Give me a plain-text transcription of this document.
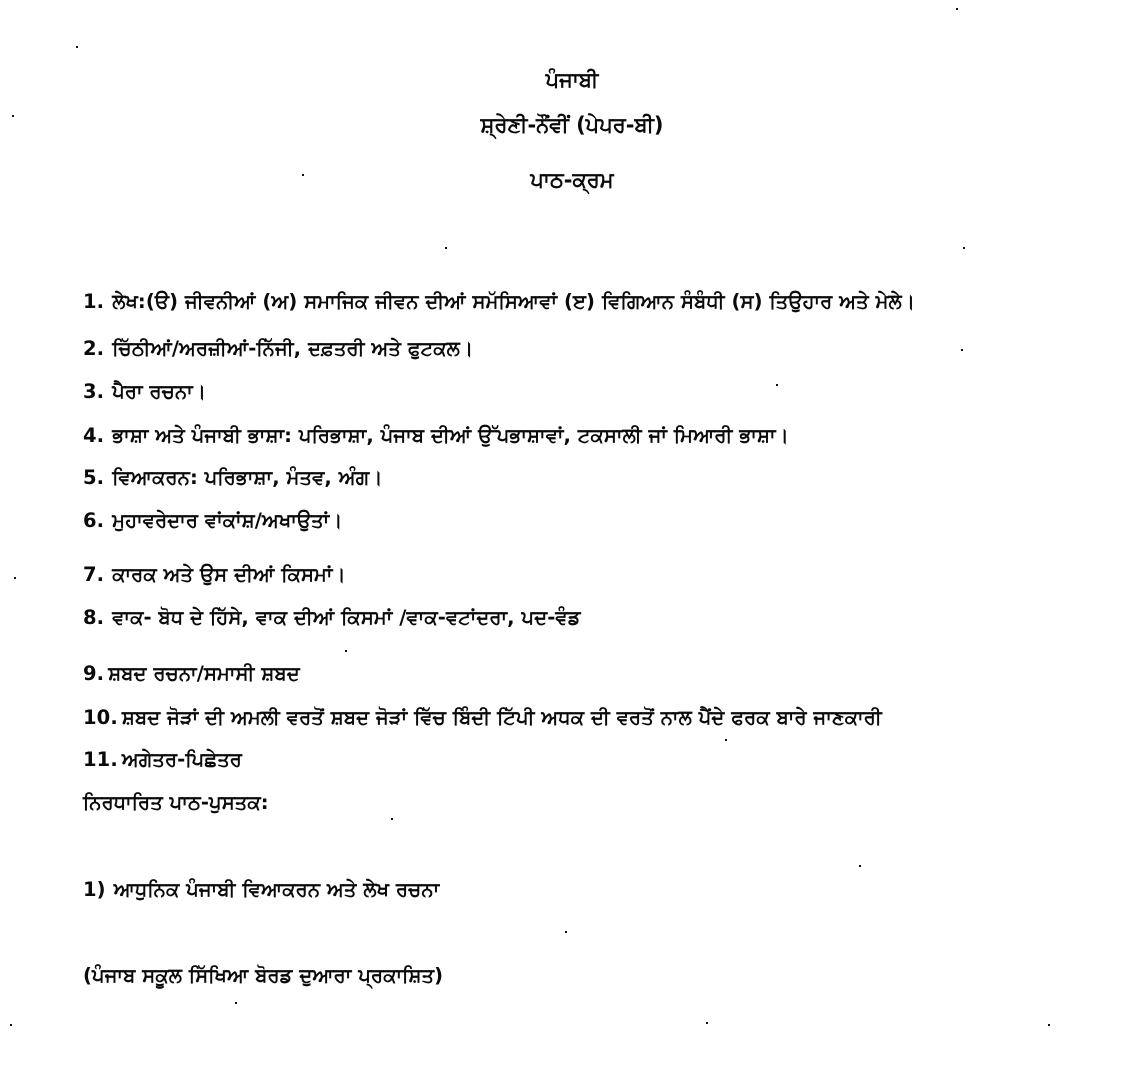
ਪੰਜਾਬੀ
ਸ਼੍ਰੇਣੀ-ਨੌਂਵੀਂ (ਪੇਪਰ-ਬੀ)
ਪਾਠ-ਕ੍ਰਮ
1. ਲੇਖ:(ੳ) ਜੀਵਨੀਆਂ (ਅ) ਸਮਾਜਿਕ ਜੀਵਨ ਦੀਆਂ ਸਮੱਸਿਆਵਾਂ (ੲ) ਵਿਗਿਆਨ ਸੰਬੰਧੀ (ਸ) ਤਿਉਹਾਰ ਅਤੇ ਮੇਲੇ।
2. ਚਿੱਠੀਆਂ/ਅਰਜ਼ੀਆਂ-ਨਿੱਜੀ, ਦਫ਼ਤਰੀ ਅਤੇ ਫੁਟਕਲ।
3. ਪੈਰਾ ਰਚਨਾ।
4. ਭਾਸ਼ਾ ਅਤੇ ਪੰਜਾਬੀ ਭਾਸ਼ਾ: ਪਰਿਭਾਸ਼ਾ, ਪੰਜਾਬ ਦੀਆਂ ਉੱਪਭਾਸ਼ਾਵਾਂ, ਟਕਸਾਲੀ ਜਾਂ ਮਿਆਰੀ ਭਾਸ਼ਾ।
5. ਵਿਆਕਰਨ: ਪਰਿਭਾਸ਼ਾ, ਮੰਤਵ, ਅੰਗ।
6. ਮੁਹਾਵਰੇਦਾਰ ਵਾਂਕਾਂਸ਼/ਅਖਾਉਤਾਂ।
7. ਕਾਰਕ ਅਤੇ ਉਸ ਦੀਆਂ ਕਿਸਮਾਂ।
8. ਵਾਕ- ਬੋਧ ਦੇ ਹਿੱਸੇ, ਵਾਕ ਦੀਆਂ ਕਿਸਮਾਂ /ਵਾਕ-ਵਟਾਂਦਰਾ, ਪਦ-ਵੰਡ
9. ਸ਼ਬਦ ਰਚਨਾ/ਸਮਾਸੀ ਸ਼ਬਦ
10. ਸ਼ਬਦ ਜੋੜਾਂ ਦੀ ਅਮਲੀ ਵਰਤੋਂ ਸ਼ਬਦ ਜੋੜਾਂ ਵਿੱਚ ਬਿੰਦੀ ਟਿੱਪੀ ਅਧਕ ਦੀ ਵਰਤੋਂ ਨਾਲ ਪੈਂਦੇ ਫਰਕ ਬਾਰੇ ਜਾਣਕਾਰੀ
11. ਅਗੇਤਰ-ਪਿਛੇਤਰ
ਨਿਰਧਾਰਿਤ ਪਾਠ-ਪੁਸਤਕ:
1) ਆਧੁਨਿਕ ਪੰਜਾਬੀ ਵਿਆਕਰਨ ਅਤੇ ਲੇਖ ਰਚਨਾ
(ਪੰਜਾਬ ਸਕੂਲ ਸਿੱਖਿਆ ਬੋਰਡ ਦੁਆਰਾ ਪ੍ਰਕਾਸ਼ਿਤ)
